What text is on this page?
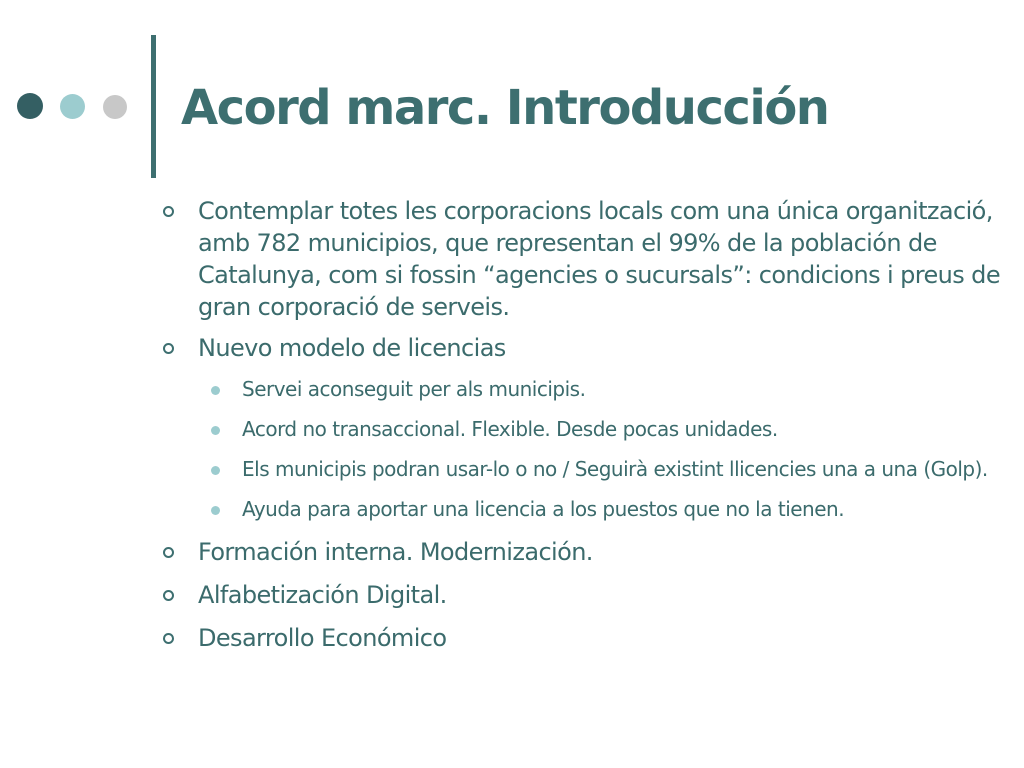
Acord marc. Introducción
Contemplar totes les corporacions locals com una única organització, amb 782 municipios, que representan el 99% de la población de Catalunya, com si fossin “agencies o sucursals”: condicions i preus de gran corporació de serveis.
Nuevo modelo de licencias
Servei aconseguit per als municipis.
Acord no transaccional. Flexible. Desde pocas unidades.
Els municipis podran usar-lo o no / Seguirà existint llicencies una a una (Golp).
Ayuda para aportar una licencia a los puestos que no la tienen.
Formación interna. Modernización.
Alfabetización Digital.
Desarrollo Económico
